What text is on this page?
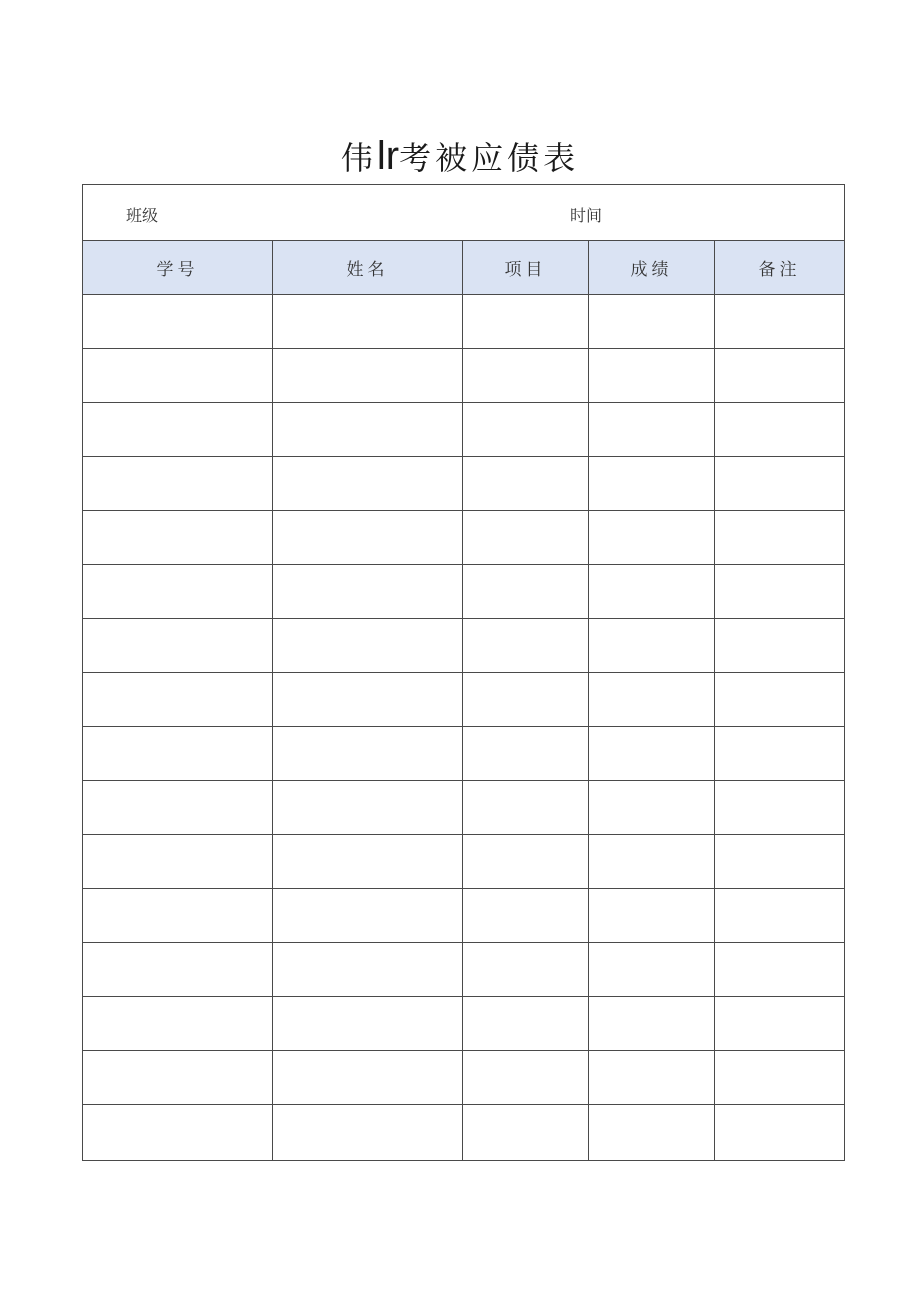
伟lr考被应债表
班级 时间				

学号	姓名	项目	成绩	备注
